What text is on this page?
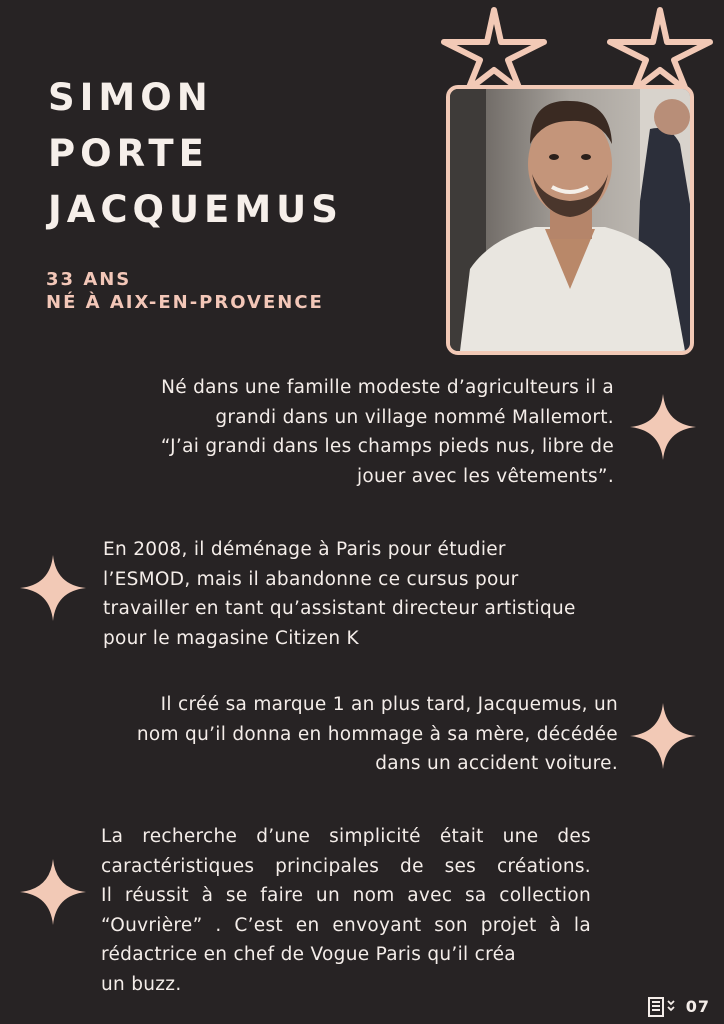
SIMON
PORTE
JACQUEMUS
33 ANS
NÉ À AIX-EN-PROVENCE
Né dans une famille modeste d’agriculteurs il a
grandi dans un village nommé Mallemort.
“J’ai grandi dans les champs pieds nus, libre de
jouer avec les vêtements”.
En 2008, il déménage à Paris pour étudier
l’ESMOD, mais il abandonne ce cursus pour
travailler en tant qu’assistant directeur artistique
pour le magasine Citizen K
Il créé sa marque 1 an plus tard, Jacquemus, un
nom qu’il donna en hommage à sa mère, décédée
dans un accident voiture.
La recherche d’une simplicité était une des
caractéristiques principales de ses créations.
Il réussit à se faire un nom avec sa collection
“Ouvrière” . C’est en envoyant son projet à la
rédactrice en chef de Vogue Paris qu’il créa
un buzz.
07
